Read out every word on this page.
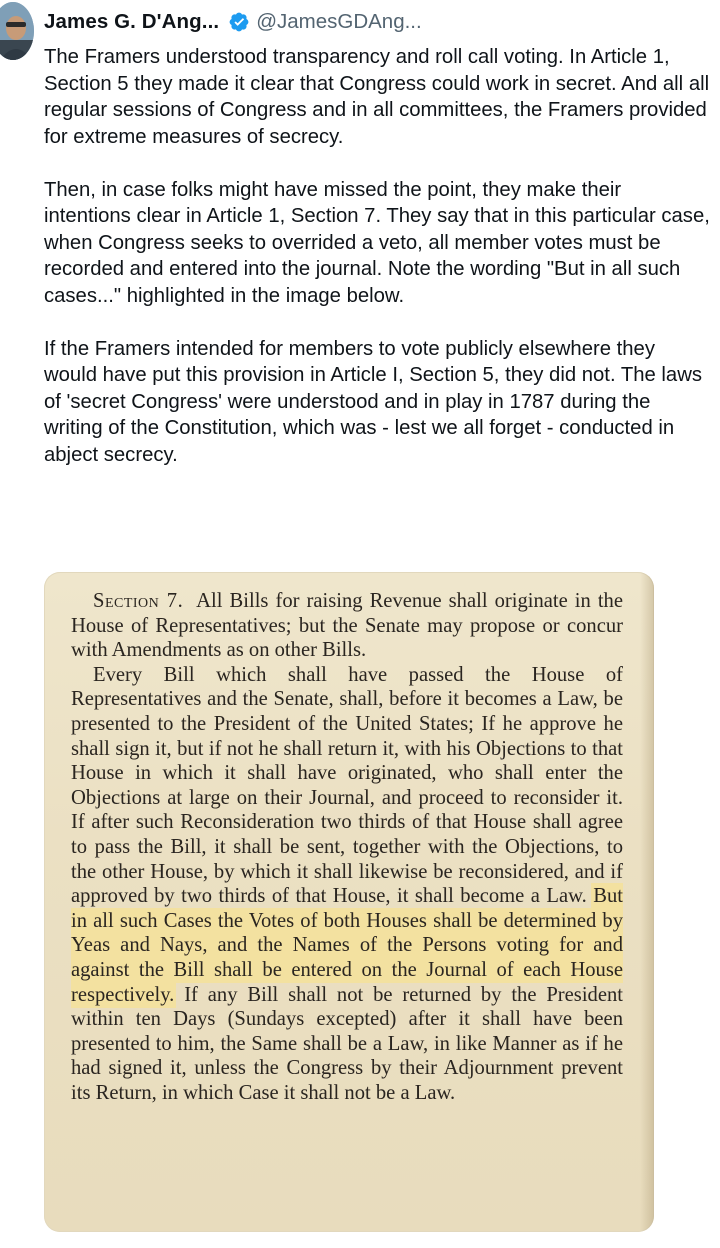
James G. D'Ang... @JamesGDAng...

The Framers understood transparency and roll call voting. In Article 1, Section 5 they made it clear that Congress could work in secret. And all all regular sessions of Congress and in all committees, the Framers provided for extreme measures of secrecy.

Then, in case folks might have missed the point, they make their intentions clear in Article 1, Section 7. They say that in this particular case, when Congress seeks to overrided a veto, all member votes must be recorded and entered into the journal. Note the wording "But in all such cases..." highlighted in the image below.

If the Framers intended for members to vote publicly elsewhere they would have put this provision in Article I, Section 5, they did not. The laws of 'secret Congress' were understood and in play in 1787 during the writing of the Constitution, which was - lest we all forget - conducted in abject secrecy.

Section 7. All Bills for raising Revenue shall originate in the House of Representatives; but the Senate may propose or concur with Amendments as on other Bills.

Every Bill which shall have passed the House of Representatives and the Senate, shall, before it becomes a Law, be presented to the President of the United States; If he approve he shall sign it, but if not he shall return it, with his Objections to that House in which it shall have originated, who shall enter the Objections at large on their Journal, and proceed to reconsider it. If after such Reconsideration two thirds of that House shall agree to pass the Bill, it shall be sent, together with the Objections, to the other House, by which it shall likewise be reconsidered, and if approved by two thirds of that House, it shall become a Law. But in all such Cases the Votes of both Houses shall be determined by Yeas and Nays, and the Names of the Persons voting for and against the Bill shall be entered on the Journal of each House respectively. If any Bill shall not be returned by the President within ten Days (Sundays excepted) after it shall have been presented to him, the Same shall be a Law, in like Manner as if he had signed it, unless the Congress by their Adjournment prevent its Return, in which Case it shall not be a Law.
